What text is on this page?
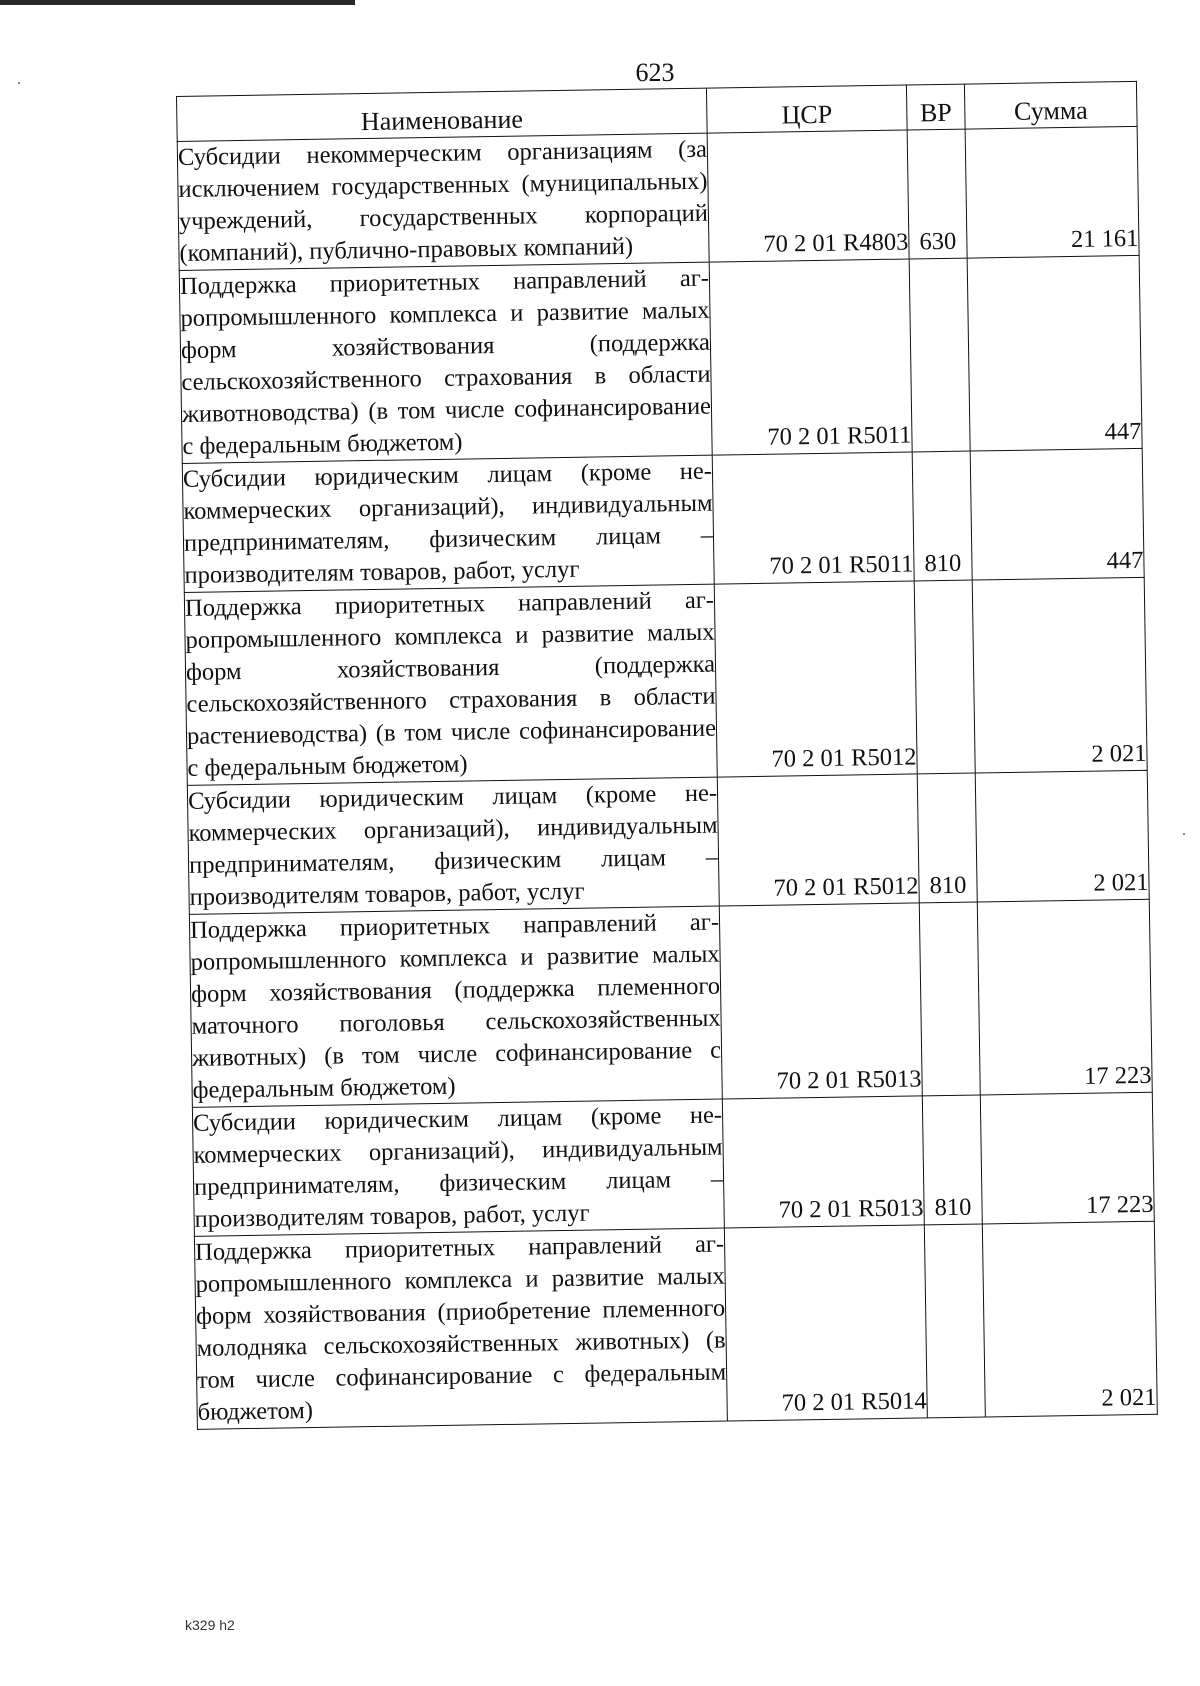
623
Наименование	ЦСР	ВР	Сумма
Субсидии некоммерческим организациям (за исключением государственных (муниципальных) учреждений, государственных корпораций (компаний), публично-правовых компаний)	70 2 01 R4803	630	21 161
Поддержка приоритетных направлений агропромышленного комплекса и развитие малых форм хозяйствования (поддержка сельскохозяйственного страхования в области животноводства) (в том числе софинансирование с федеральным бюджетом)	70 2 01 R5011		447
Субсидии юридическим лицам (кроме некоммерческих организаций), индивидуальным предпринимателям, физическим лицам – производителям товаров, работ, услуг	70 2 01 R5011	810	447
Поддержка приоритетных направлений агропромышленного комплекса и развитие малых форм хозяйствования (поддержка сельскохозяйственного страхования в области растениеводства) (в том числе софинансирование с федеральным бюджетом)	70 2 01 R5012		2 021
Субсидии юридическим лицам (кроме некоммерческих организаций), индивидуальным предпринимателям, физическим лицам – производителям товаров, работ, услуг	70 2 01 R5012	810	2 021
Поддержка приоритетных направлений агропромышленного комплекса и развитие малых форм хозяйствования (поддержка племенного маточного поголовья сельскохозяйственных животных) (в том числе софинансирование с федеральным бюджетом)	70 2 01 R5013		17 223
Субсидии юридическим лицам (кроме некоммерческих организаций), индивидуальным предпринимателям, физическим лицам – производителям товаров, работ, услуг	70 2 01 R5013	810	17 223
Поддержка приоритетных направлений агропромышленного комплекса и развитие малых форм хозяйствования (приобретение племенного молодняка сельскохозяйственных животных) (в том числе софинансирование с федеральным бюджетом)	70 2 01 R5014		2 021
k329 h2
